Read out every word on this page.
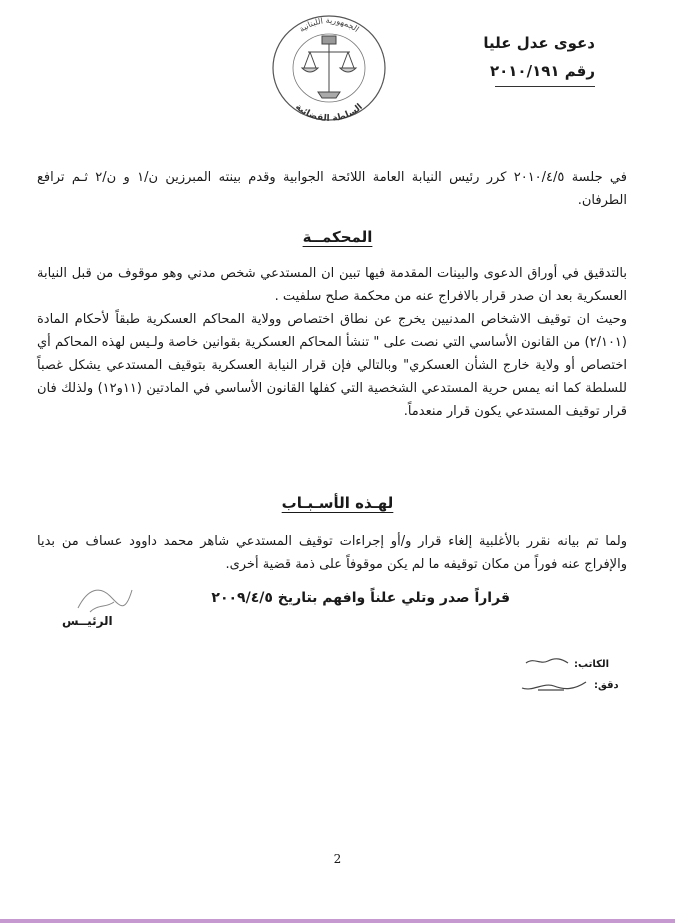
الجمهورية اللبنانية
السلطة القضائية
دعوى عدل عليا
رقم ٢٠١٠/١٩١
في جلسة ٢٠١٠/٤/٥ كرر رئيس النيابة العامة اللائحة الجوابية وقدم بينته المبرزين ن/١ و ن/٢ ثـم ترافع الطرفان.
المحكمــة
بالتدقيق في أوراق الدعوى والبينات المقدمة فيها تبين ان المستدعي شخص مدني وهو موقوف من قبل النيابة العسكرية بعد ان صدر قرار بالافراج عنه من محكمة صلح سلفيت .
وحيث ان توقيف الاشخاص المدنيين يخرج عن نطاق اختصاص وولاية المحاكم العسكرية طبقاً لأحكام المادة (٢/١٠١) من القانون الأساسي التي نصت على " تنشأ المحاكم العسكرية بقوانين خاصة ولـيس لهذه المحاكم أي اختصاص أو ولاية خارج الشأن العسكري" وبالتالي فإن قرار النيابة العسكرية بتوقيف المستدعي يشكل غصباً للسلطة كما انه يمس حرية المستدعي الشخصية التي كفلها القانون الأساسي في المادتين (١١و١٢) ولذلك فان قرار توقيف المستدعي يكون قرار منعدماً.
لهـذه الأسـبـاب
ولما تم بيانه نقرر بالأغلبية إلغاء قرار و/أو إجراءات توقيف المستدعي شاهر محمد داوود عساف من بديا والإفراج عنه فوراً من مكان توقيفه ما لم يكن موقوفاً على ذمة قضية أخرى.
قراراً صدر وتلي علناً وافهم بتاريخ ٢٠٠٩/٤/٥
الرئيــس
الكاتب:
دقق:
2
